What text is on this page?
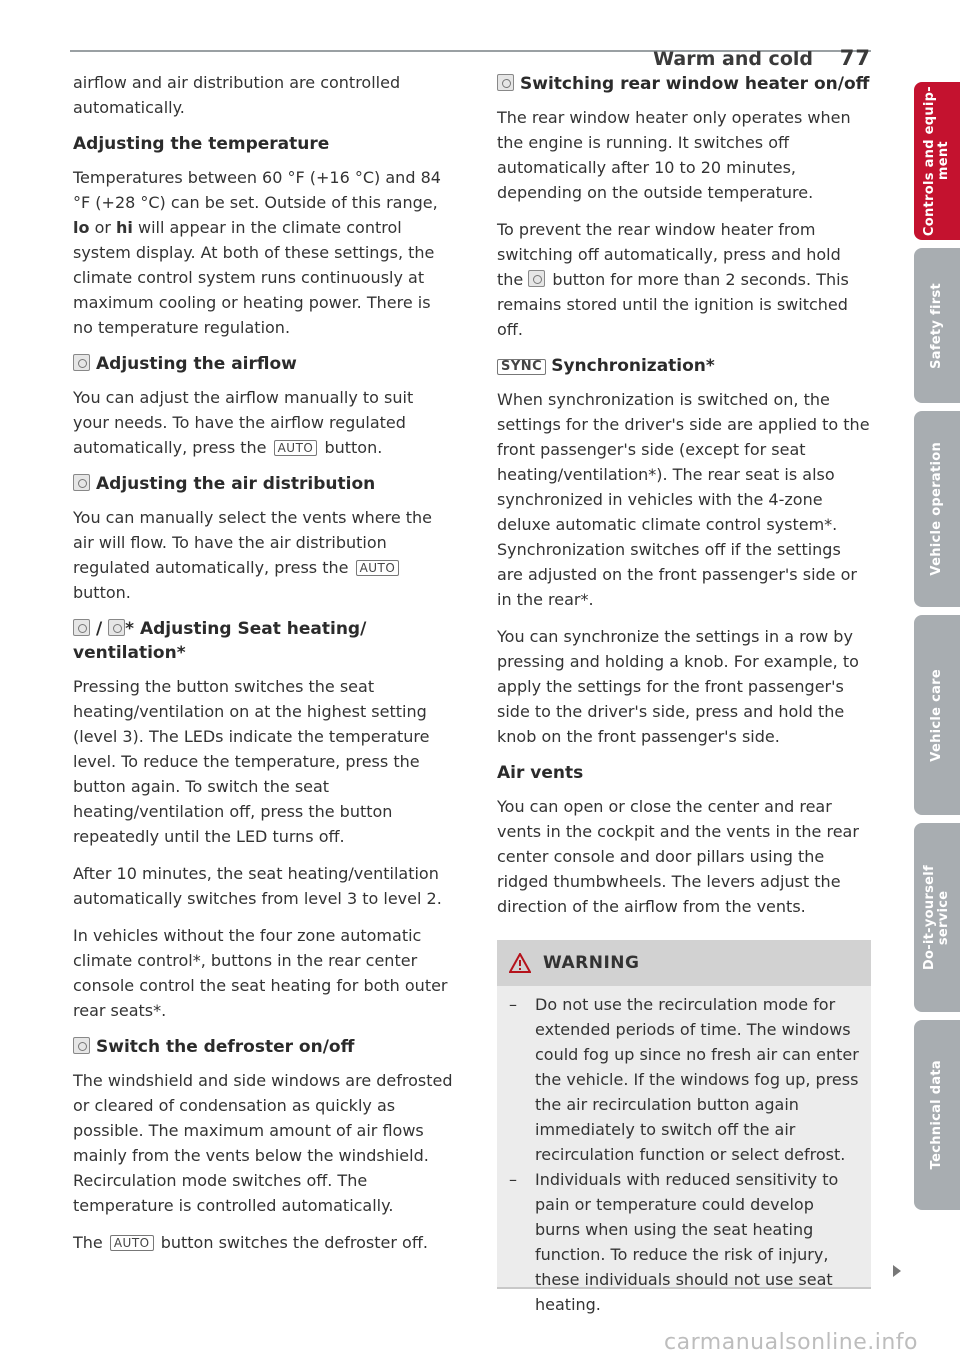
Warm and cold 77

airflow and air distribution are controlled automatically.

Adjusting the temperature

Temperatures between 60 °F (+16 °C) and 84 °F (+28 °C) can be set. Outside of this range, lo or hi will appear in the climate control system display. At both of these settings, the climate control system runs continuously at maximum cooling or heating power. There is no temperature regulation.

Adjusting the airflow

You can adjust the airflow manually to suit your needs. To have the airflow regulated automatically, press the AUTO button.

Adjusting the air distribution

You can manually select the vents where the air will flow. To have the air distribution regulated automatically, press the AUTO button.

/ * Adjusting Seat heating/ ventilation*

Pressing the button switches the seat heating/ventilation on at the highest setting (level 3). The LEDs indicate the temperature level. To reduce the temperature, press the button again. To switch the seat heating/ventilation off, press the button repeatedly until the LED turns off.

After 10 minutes, the seat heating/ventilation automatically switches from level 3 to level 2.

In vehicles without the four zone automatic climate control*, buttons in the rear center console control the seat heating for both outer rear seats*.

Switch the defroster on/off

The windshield and side windows are defrosted or cleared of condensation as quickly as possible. The maximum amount of air flows mainly from the vents below the windshield. Recirculation mode switches off. The temperature is controlled automatically.

The AUTO button switches the defroster off.

Switching rear window heater on/off

The rear window heater only operates when the engine is running. It switches off automatically after 10 to 20 minutes, depending on the outside temperature.

To prevent the rear window heater from switching off automatically, press and hold the  button for more than 2 seconds. This remains stored until the ignition is switched off.

SYNC Synchronization*

When synchronization is switched on, the settings for the driver's side are applied to the front passenger's side (except for seat heating/ventilation*). The rear seat is also synchronized in vehicles with the 4-zone deluxe automatic climate control system*. Synchronization switches off if the settings are adjusted on the front passenger's side or in the rear*.

You can synchronize the settings in a row by pressing and holding a knob. For example, to apply the settings for the front passenger's side to the driver's side, press and hold the knob on the front passenger's side.

Air vents

You can open or close the center and rear vents in the cockpit and the vents in the rear center console and door pillars using the ridged thumbwheels. The levers adjust the direction of the airflow from the vents.

WARNING
– Do not use the recirculation mode for extended periods of time. The windows could fog up since no fresh air can enter the vehicle. If the windows fog up, press the air recirculation button again immediately to switch off the air recirculation function or select defrost.
– Individuals with reduced sensitivity to pain or temperature could develop burns when using the seat heating function. To reduce the risk of injury, these individuals should not use seat heating.
Controls and equip-
ment
Safety first
Vehicle operation
Vehicle care
Do-it-yourself
service
Technical data
carmanualsonline.info
